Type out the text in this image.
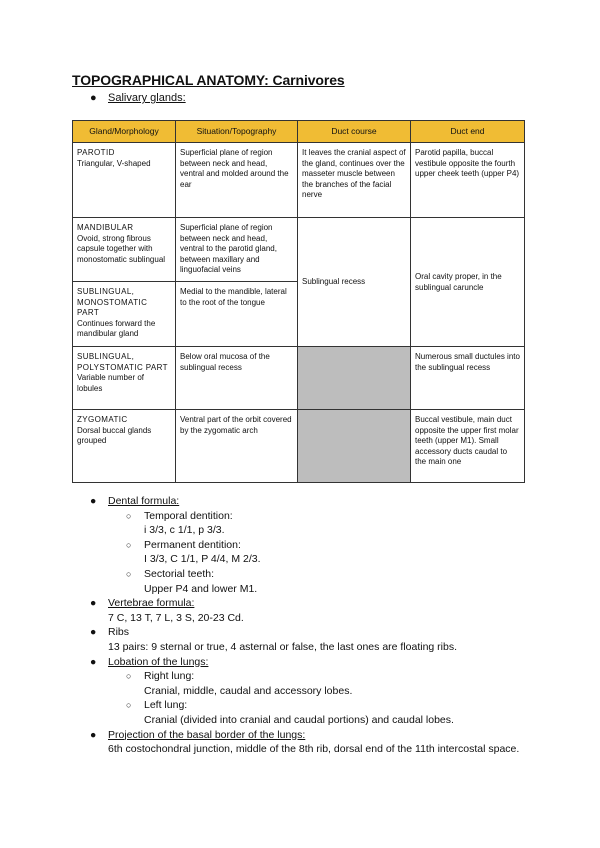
TOPOGRAPHICAL ANATOMY: Carnivores
● Salivary glands:
Gland/Morphology	Situation/Topography	Duct course	Duct end

PAROTID
Triangular, V-shaped	Superficial plane of region between neck and head, ventral and molded around the ear	It leaves the cranial aspect of the gland, continues over the masseter muscle between the branches of the facial nerve	Parotid papilla, buccal vestibule opposite the fourth upper cheek teeth (upper P4)

MANDIBULAR
Ovoid, strong fibrous capsule together with monostomatic sublingual	Superficial plane of region between neck and head, ventral to the parotid gland, between maxillary and linguofacial veins	Sublingual recess	Oral cavity proper, in the sublingual caruncle

SUBLINGUAL, MONOSTOMATIC PART
Continues forward the mandibular gland	Medial to the mandible, lateral to the root of the tongue		

SUBLINGUAL, POLYSTOMATIC PART
Variable number of lobules	Below oral mucosa of the sublingual recess		Numerous small ductules into the sublingual recess

ZYGOMATIC
Dorsal buccal glands grouped	Ventral part of the orbit covered by the zygomatic arch		Buccal vestibule, main duct opposite the upper first molar teeth (upper M1). Small accessory ducts caudal to the main one
● Dental formula:
○ Temporal dentition:
i 3/3, c 1/1, p 3/3.
○ Permanent dentition:
I 3/3, C 1/1, P 4/4, M 2/3.
○ Sectorial teeth:
Upper P4 and lower M1.
● Vertebrae formula:
7 C, 13 T, 7 L, 3 S, 20-23 Cd.
● Ribs
13 pairs: 9 sternal or true, 4 asternal or false, the last ones are floating ribs.
● Lobation of the lungs:
○ Right lung:
Cranial, middle, caudal and accessory lobes.
○ Left lung:
Cranial (divided into cranial and caudal portions) and caudal lobes.
● Projection of the basal border of the lungs:
6th costochondral junction, middle of the 8th rib, dorsal end of the 11th intercostal space.
